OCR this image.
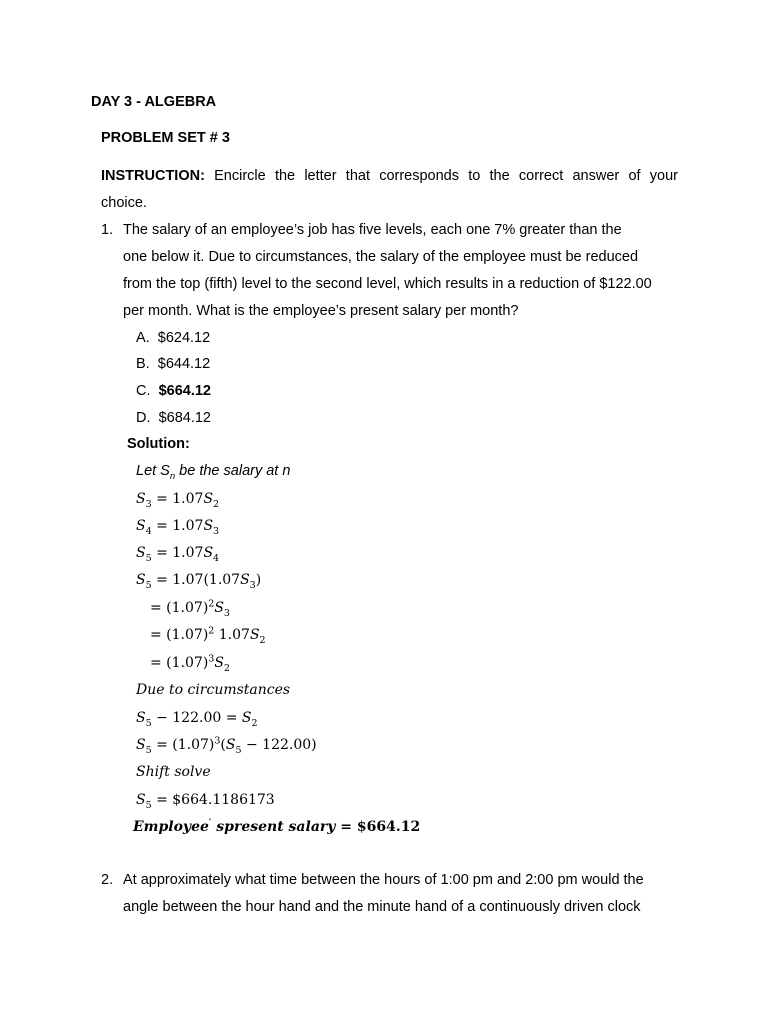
DAY 3 - ALGEBRA
PROBLEM SET # 3
INSTRUCTION: Encircle the letter that corresponds to the correct answer of your
choice.
1. The salary of an employee’s job has five levels, each one 7% greater than the
one below it. Due to circumstances, the salary of the employee must be reduced
from the top (fifth) level to the second level, which results in a reduction of $122.00
per month. What is the employee’s present salary per month?
A. $624.12
B. $644.12
C. $664.12
D. $684.12
Solution:
Let $S_n$ be the salary at n
$S_3 = 1.07S_2$
$S_4 = 1.07S_3$
$S_5 = 1.07S_4$
$S_5 = 1.07(1.07S_3)$
= $(1.07)^2S_3$
= $(1.07)^2$ $1.07S_2$
= $(1.07)^3S_2$
Due to circumstances
$S_5 - 122.00 = S_2$
$S_5 = (1.07)^3(S_5 - 122.00)$
Shift solve
$S_5$ = $664.1186173
Employee′ spresent salary = $664.12
2. At approximately what time between the hours of 1:00 pm and 2:00 pm would the
angle between the hour hand and the minute hand of a continuously driven clock
